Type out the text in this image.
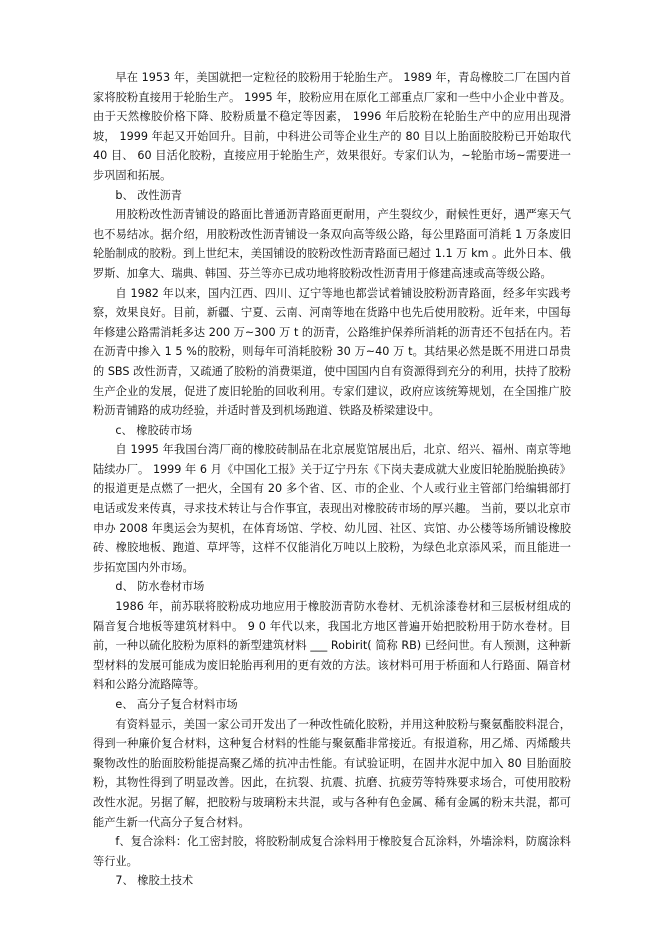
早在 1953 年，美国就把一定粒径的胶粉用于轮胎生产。 1989 年，青岛橡胶二厂在国内首家将胶粉直接用于轮胎生产。 1995 年，胶粉应用在原化工部重点厂家和一些中小企业中普及。由于天然橡胶价格下降、胶粉质量不稳定等因素， 1996 年后胶粉在轮胎生产中的应用出现滑坡， 1999 年起又开始回升。目前，中科进公司等企业生产的 80 目以上胎面胶胶粉已开始取代 40 目、 60 目活化胶粉，直接应用于轮胎生产，效果很好。专家们认为，~轮胎市场~需要进一步巩固和拓展。

b、 改性沥青

用胶粉改性沥青铺设的路面比普通沥青路面更耐用，产生裂纹少，耐候性更好，遇严寒天气也不易结冰。据介绍，用胶粉改性沥青铺设一条双向高等级公路，每公里路面可消耗 1 万条废旧轮胎制成的胶粉。到上世纪末，美国铺设的胶粉改性沥青路面已超过 1.1 万 km 。此外日本、俄罗斯、加拿大、瑞典、韩国、芬兰等亦已成功地将胶粉改性沥青用于修建高速或高等级公路。

自 1982 年以来，国内江西、四川、辽宁等地也都尝试着铺设胶粉沥青路面，经多年实践考察，效果良好。目前，新疆、宁夏、云南、河南等地在货路中也先后使用胶粉。近年来，中国每年修建公路需消耗多达 200 万~300 万 t 的沥青，公路维护保养所消耗的沥青还不包括在内。若在沥青中掺入 1 5 %的胶粉，则每年可消耗胶粉 30 万~40 万 t。其结果必然是既不用进口昂贵的 SBS 改性沥青，又疏通了胶粉的消费渠道，使中国国内自有资源得到充分的利用，扶持了胶粉生产企业的发展，促进了废旧轮胎的回收利用。专家们建议，政府应该统筹规划，在全国推广胶粉沥青铺路的成功经验，并适时普及到机场跑道、铁路及桥梁建设中。

c、 橡胶砖市场

自 1995 年我国台湾厂商的橡胶砖制品在北京展览馆展出后，北京、绍兴、福州、南京等地陆续办厂。 1999 年 6 月《中国化工报》关于辽宁丹东《下岗夫妻成就大业废旧轮胎脱胎换砖》的报道更是点燃了一把火，全国有 20 多个省、区、市的企业、个人或行业主管部门给编辑部打电话或发来传真，寻求技术转让与合作事宜，表现出对橡胶砖市场的厚兴趣。 当前，要以北京市申办 2008 年奥运会为契机，在体育场馆、学校、幼儿园、社区、宾馆、办公楼等场所铺设橡胶砖、橡胶地板、跑道、草坪等，这样不仅能消化万吨以上胶粉，为绿色北京添风采，而且能进一步拓宽国内外市场。

d、 防水卷材市场

1986 年，前苏联将胶粉成功地应用于橡胶沥青防水卷材、无机涂漆卷材和三层板材组成的隔音复合地板等建筑材料中。 9 0 年代以来，我国北方地区普遍开始把胶粉用于防水卷材。目前，一种以硫化胶粉为原料的新型建筑材料 ___ Robirit( 简称 RB) 已经问世。有人预测，这种新型材料的发展可能成为废旧轮胎再利用的更有效的方法。该材料可用于桥面和人行路面、隔音材料和公路分流路障等。

e、 高分子复合材料市场

有资料显示，美国一家公司开发出了一种改性硫化胶粉，并用这种胶粉与聚氨酯胶料混合，得到一种廉价复合材料，这种复合材料的性能与聚氨酯非常接近。有报道称，用乙烯、丙烯酸共聚物改性的胎面胶粉能提高聚乙烯的抗冲击性能。有试验证明，在固井水泥中加入 80 目胎面胶粉，其物性得到了明显改善。因此，在抗裂、抗震、抗磨、抗疲劳等特殊要求场合，可使用胶粉改性水泥。另据了解，把胶粉与玻璃粉末共混，或与各种有色金属、稀有金属的粉末共混，都可能产生新一代高分子复合材料。

f、复合涂料：化工密封胶，将胶粉制成复合涂料用于橡胶复合瓦涂料，外墙涂料，防腐涂料等行业。

7、 橡胶土技术
